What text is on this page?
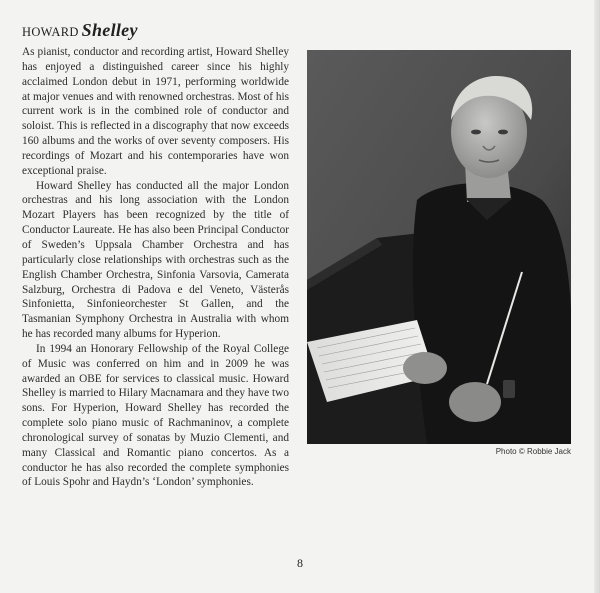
HOWARD Shelley

As pianist, conductor and recording artist, Howard Shelley has enjoyed a distinguished career since his highly acclaimed London debut in 1971, performing worldwide at major venues and with renowned orchestras. Most of his current work is in the combined role of conductor and soloist. This is reflected in a discography that now exceeds 160 albums and the works of over seventy composers. His recordings of Mozart and his contemporaries have won exceptional praise.

Howard Shelley has conducted all the major London orchestras and his long association with the London Mozart Players has been recognized by the title of Conductor Laureate. He has also been Principal Conductor of Sweden’s Uppsala Chamber Orchestra and has particularly close relationships with orchestras such as the English Chamber Orchestra, Sinfonia Varsovia, Camerata Salzburg, Orchestra di Padova e del Veneto, Västerås Sinfonietta, Sinfonieorchester St Gallen, and the Tasmanian Symphony Orchestra in Australia with whom he has recorded many albums for Hyperion.

In 1994 an Honorary Fellowship of the Royal College of Music was conferred on him and in 2009 he was awarded an OBE for services to classical music. Howard Shelley is married to Hilary Macnamara and they have two sons. For Hyperion, Howard Shelley has recorded the complete solo piano music of Rachmaninov, a complete chronological survey of sonatas by Muzio Clementi, and many Classical and Romantic piano concertos. As a conductor he has also recorded the complete symphonies of Louis Spohr and Haydn’s ‘London’ symphonies.

Photo © Robbie Jack
8
